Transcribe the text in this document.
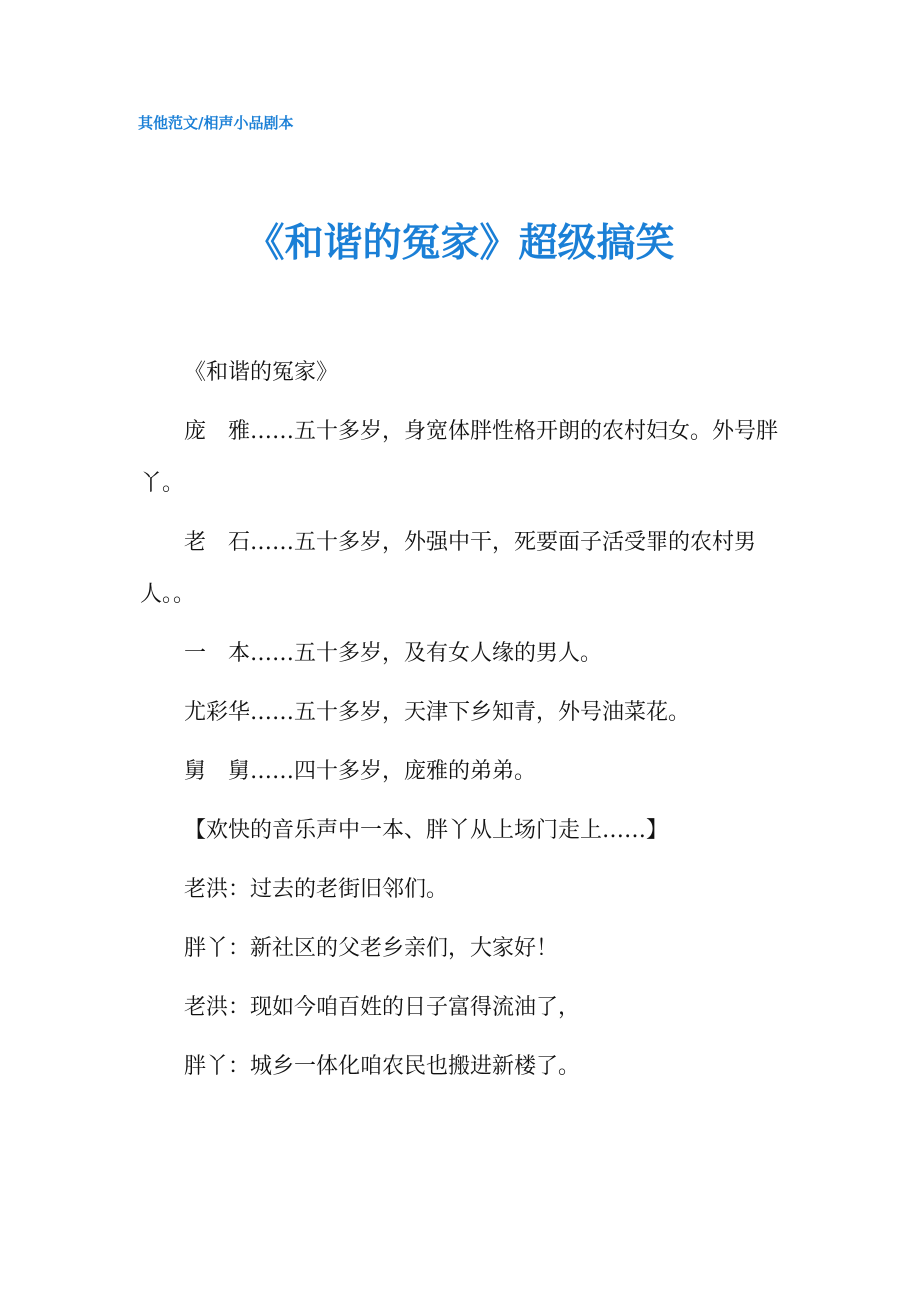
其他范文/相声小品剧本
《和谐的冤家》超级搞笑

《和谐的冤家》

庞　雅……五十多岁，身宽体胖性格开朗的农村妇女。外号胖丫。

老　石……五十多岁，外强中干，死要面子活受罪的农村男人。。

一　本……五十多岁，及有女人缘的男人。

尤彩华……五十多岁，天津下乡知青，外号油菜花。

舅　舅……四十多岁，庞雅的弟弟。

【欢快的音乐声中一本、胖丫从上场门走上……】

老洪：过去的老街旧邻们。

胖丫：新社区的父老乡亲们，大家好！

老洪：现如今咱百姓的日子富得流油了，

胖丫：城乡一体化咱农民也搬进新楼了。
